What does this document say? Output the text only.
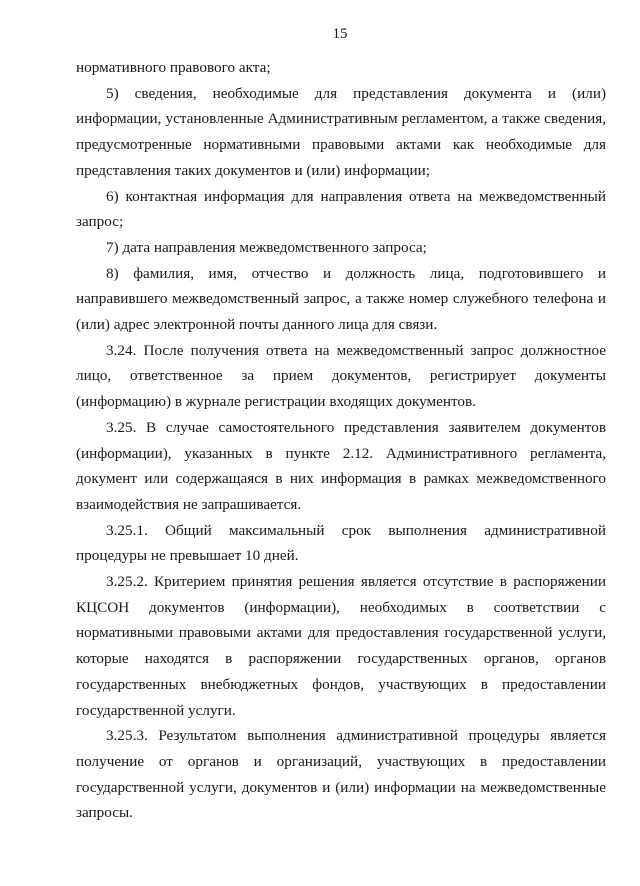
15

нормативного правового акта;

5) сведения, необходимые для представления документа и (или) информации, установленные Административным регламентом, а также сведения, предусмотренные нормативными правовыми актами как необходимые для представления таких документов и (или) информации;

6) контактная информация для направления ответа на межведомственный запрос;

7) дата направления межведомственного запроса;

8) фамилия, имя, отчество и должность лица, подготовившего и направившего межведомственный запрос, а также номер служебного телефона и (или) адрес электронной почты данного лица для связи.

3.24. После получения ответа на межведомственный запрос должностное лицо, ответственное за прием документов, регистрирует документы (информацию) в журнале регистрации входящих документов.

3.25. В случае самостоятельного представления заявителем документов (информации), указанных в пункте 2.12. Административного регламента, документ или содержащаяся в них информация в рамках межведомственного взаимодействия не запрашивается.

3.25.1. Общий максимальный срок выполнения административной процедуры не превышает 10 дней.

3.25.2. Критерием принятия решения является отсутствие в распоряжении КЦСОН документов (информации), необходимых в соответствии с нормативными правовыми актами для предоставления государственной услуги, которые находятся в распоряжении государственных органов, органов государственных внебюджетных фондов, участвующих в предоставлении государственной услуги.

3.25.3. Результатом выполнения административной процедуры является получение от органов и организаций, участвующих в предоставлении государственной услуги, документов и (или) информации на межведомственные запросы.
